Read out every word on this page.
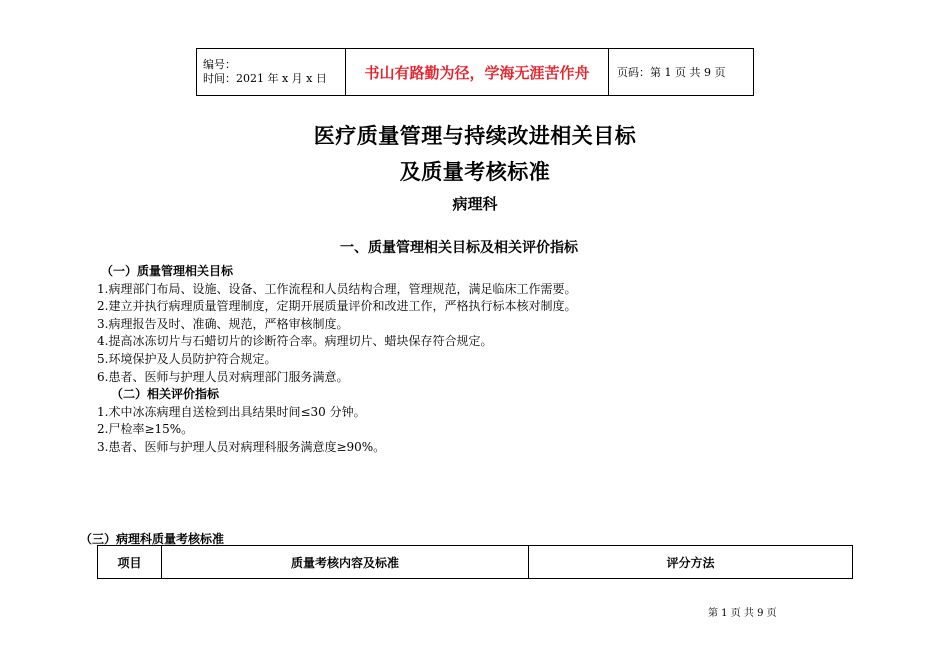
编号：
时间：2021 年 x 月 x 日	书山有路勤为径，学海无涯苦作舟	页码：第 1 页 共 9 页
医疗质量管理与持续改进相关目标
及质量考核标准
病理科
一、质量管理相关目标及相关评价指标
（一）质量管理相关目标
1.病理部门布局、设施、设备、工作流程和人员结构合理，管理规范，满足临床工作需要。
2.建立并执行病理质量管理制度，定期开展质量评价和改进工作，严格执行标本核对制度。
3.病理报告及时、准确、规范，严格审核制度。
4.提高冰冻切片与石蜡切片的诊断符合率。病理切片、蜡块保存符合规定。
5.环境保护及人员防护符合规定。
6.患者、医师与护理人员对病理部门服务满意。
（二）相关评价指标
1.术中冰冻病理自送检到出具结果时间≤30 分钟。
2.尸检率≥15%。
3.患者、医师与护理人员对病理科服务满意度≥90%。
（三）病理科质量考核标准
项目	质量考核内容及标准	评分方法
第 1 页 共 9 页
